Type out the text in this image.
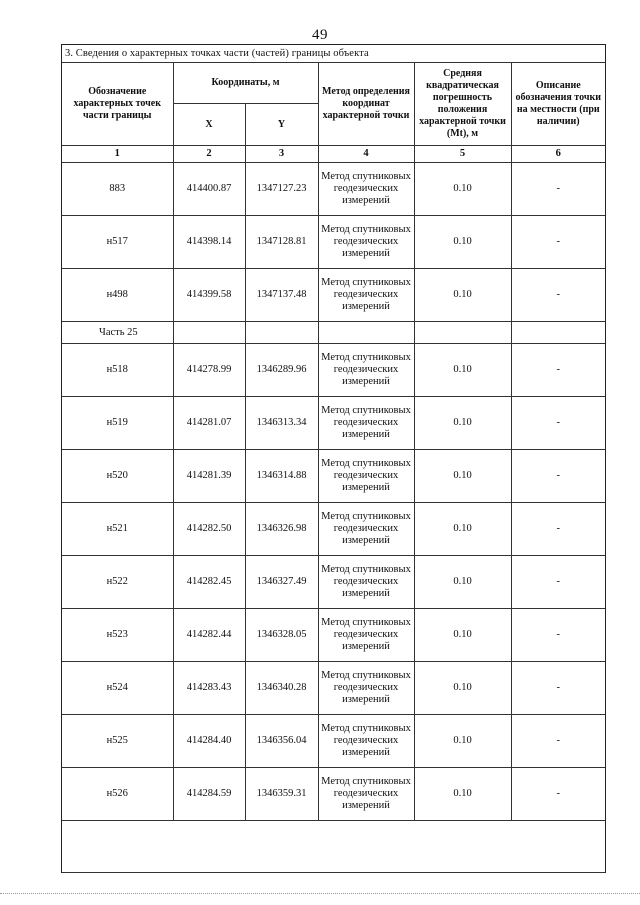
49
3. Сведения о характерных точках части (частей) границы объекта					
Обозначение характерных точек части границы	Координаты, м		Метод определения координат характерной точки	Средняя квадратическая погрешность положения характерной точки (Mt), м	Описание обозначения точки на местности (при наличии)
	X	Y			
1	2	3	4	5	6
883	414400.87	1347127.23	Метод спутниковых геодезических измерений	0.10	-
н517	414398.14	1347128.81	Метод спутниковых геодезических измерений	0.10	-
н498	414399.58	1347137.48	Метод спутниковых геодезических измерений	0.10	-
Часть 25					
н518	414278.99	1346289.96	Метод спутниковых геодезических измерений	0.10	-
н519	414281.07	1346313.34	Метод спутниковых геодезических измерений	0.10	-
н520	414281.39	1346314.88	Метод спутниковых геодезических измерений	0.10	-
н521	414282.50	1346326.98	Метод спутниковых геодезических измерений	0.10	-
н522	414282.45	1346327.49	Метод спутниковых геодезических измерений	0.10	-
н523	414282.44	1346328.05	Метод спутниковых геодезических измерений	0.10	-
н524	414283.43	1346340.28	Метод спутниковых геодезических измерений	0.10	-
н525	414284.40	1346356.04	Метод спутниковых геодезических измерений	0.10	-
н526	414284.59	1346359.31	Метод спутниковых геодезических измерений	0.10	-
